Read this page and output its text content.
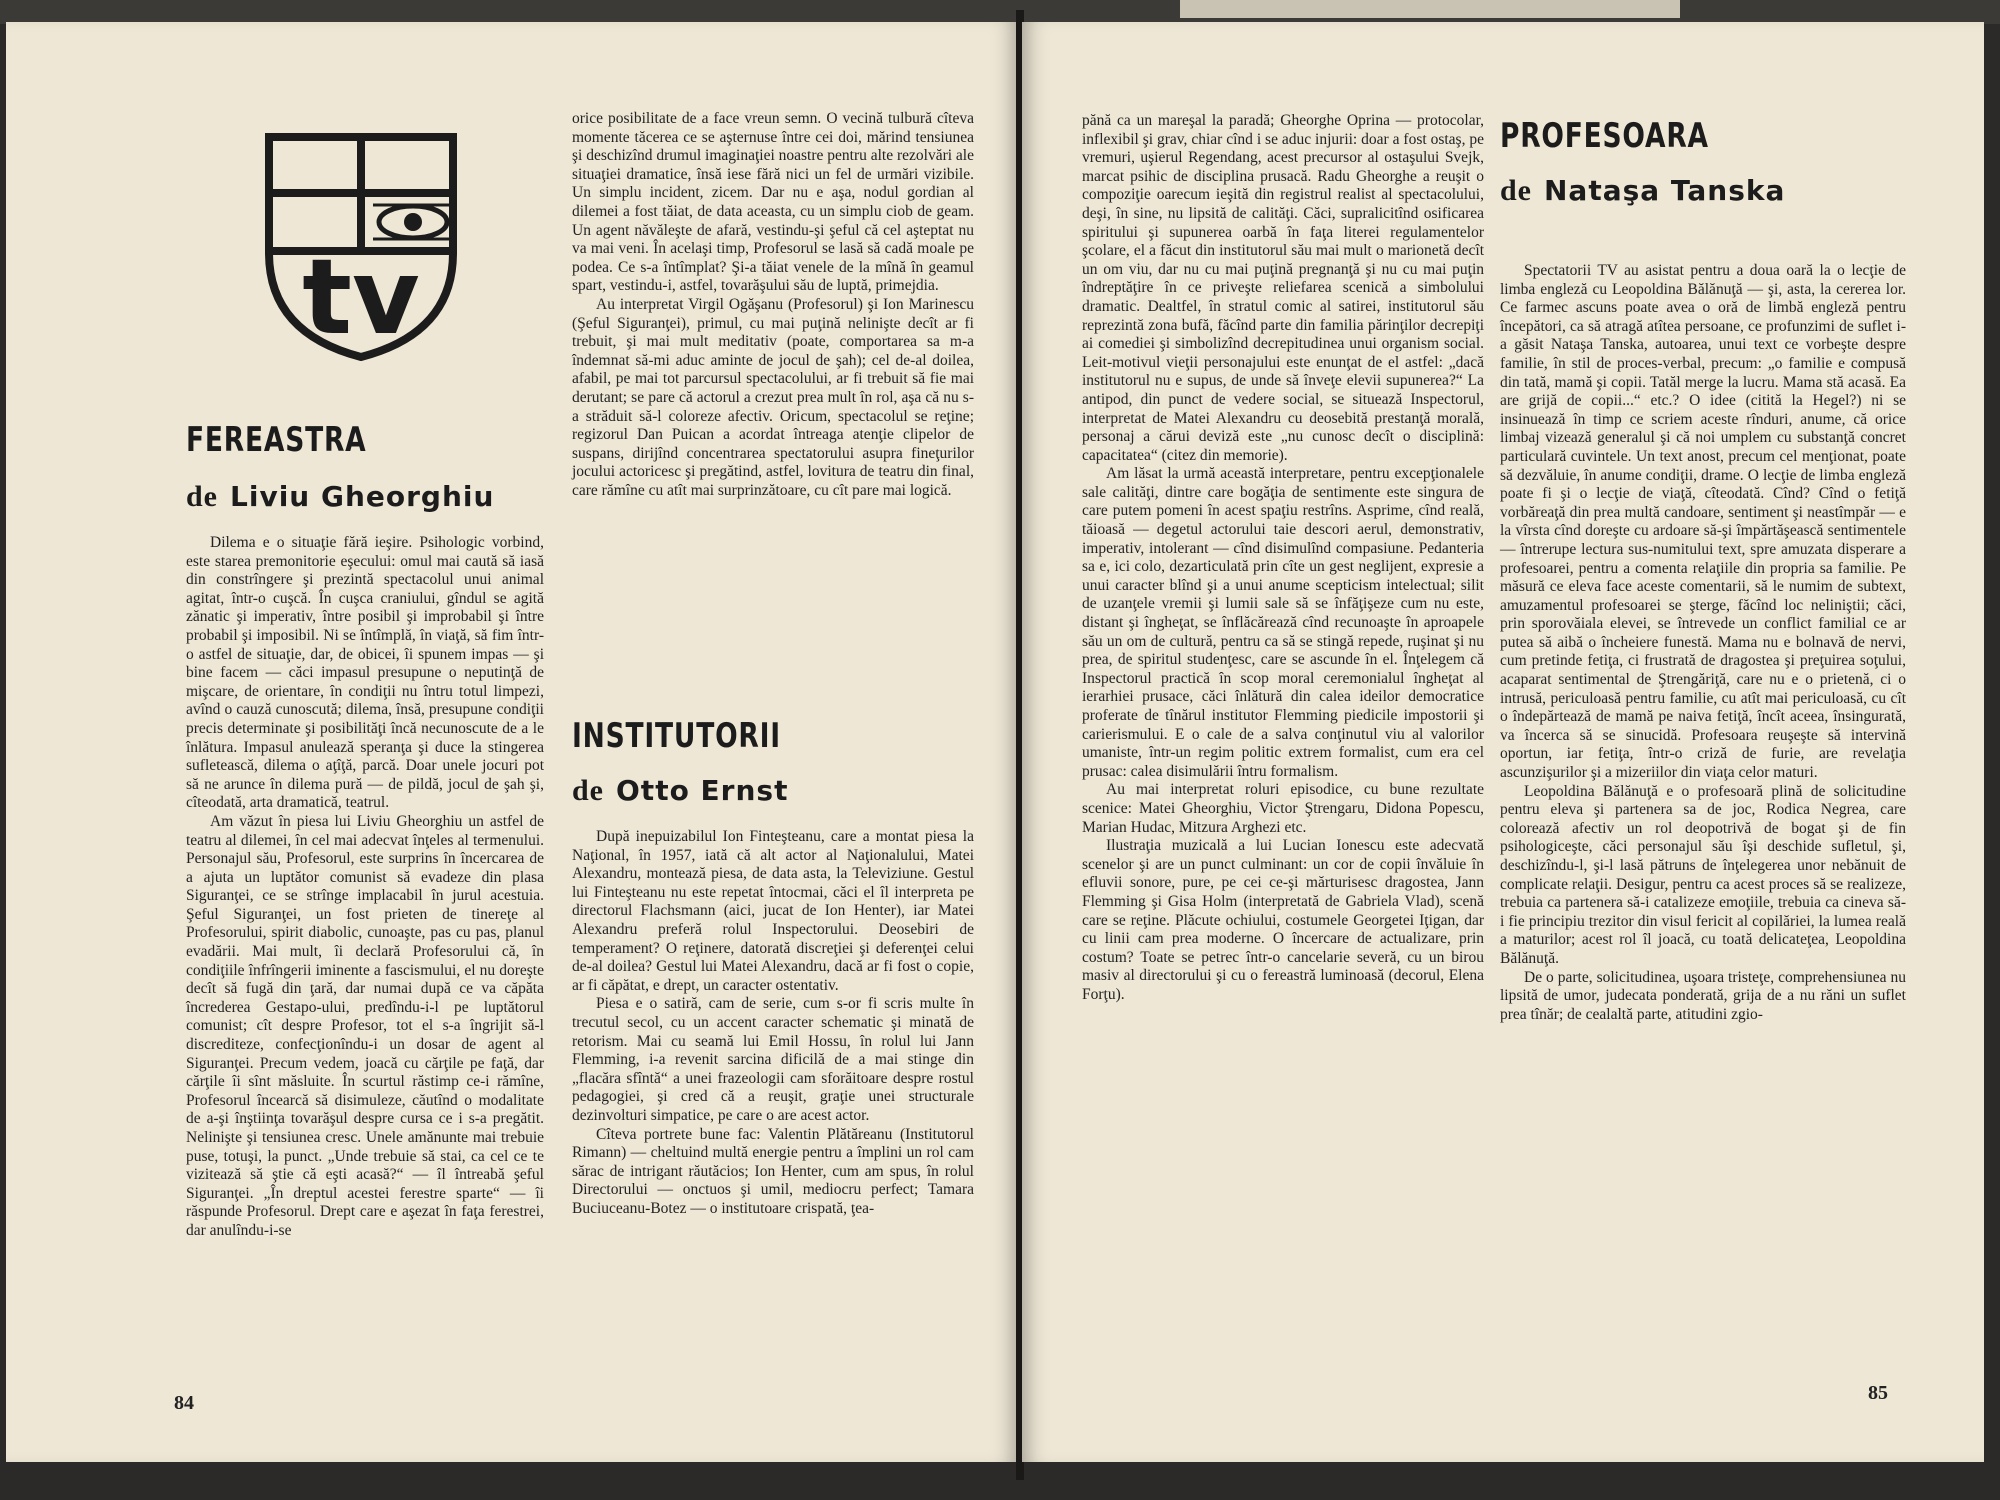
tv
FEREASTRA
de Liviu Gheorghiu

Dilema e o situaţie fără ieşire. Psihologic vorbind, este starea premonitorie eşecului: omul mai caută să iasă din constrîngere şi prezintă spectacolul unui animal agitat, într-o cuşcă. În cuşca craniului, gîndul se agită zănatic şi imperativ, între posibil şi improbabil şi între probabil şi imposibil. Ni se întîmplă, în viaţă, să fim într-o astfel de situaţie, dar, de obicei, îi spunem impas — şi bine facem — căci impasul presupune o neputinţă de mişcare, de orientare, în condiţii nu întru totul limpezi, avînd o cauză cunoscută; dilema, însă, presupune condiţii precis determinate şi posibilităţi încă necunoscute de a le înlătura. Impasul anulează speranţa şi duce la stingerea sufletească, dilema o aţîţă, parcă. Doar unele jocuri pot să ne arunce în dilema pură — de pildă, jocul de şah şi, cîteodată, arta dramatică, teatrul.

Am văzut în piesa lui Liviu Gheorghiu un astfel de teatru al dilemei, în cel mai adecvat înţeles al termenului. Personajul său, Profesorul, este surprins în încercarea de a ajuta un luptător comunist să evadeze din plasa Siguranţei, ce se strînge implacabil în jurul acestuia. Şeful Siguranţei, un fost prieten de tinereţe al Profesorului, spirit diabolic, cunoaşte, pas cu pas, planul evadării. Mai mult, îi declară Profesorului că, în condiţiile înfrîngerii iminente a fascismului, el nu doreşte decît să fugă din ţară, dar numai după ce va căpăta încrederea Gestapo-ului, predîndu-i-l pe luptătorul comunist; cît despre Profesor, tot el s-a îngrijit să-l discrediteze, confecţionîndu-i un dosar de agent al Siguranţei. Precum vedem, joacă cu cărţile pe faţă, dar cărţile îi sînt măsluite. În scurtul răstimp ce-i rămîne, Profesorul încearcă să disimuleze, căutînd o modalitate de a-şi înştiinţa tovarăşul despre cursa ce i s-a pregătit. Nelinişte şi tensiunea cresc. Unele amănunte mai trebuie puse, totuşi, la punct. „Unde trebuie să stai, ca cel ce te vizitează să ştie că eşti acasă?“ — îl întreabă şeful Siguranţei. „În dreptul acestei ferestre sparte“ — îi răspunde Profesorul. Drept care e aşezat în faţa ferestrei, dar anulîndu-i-se

orice posibilitate de a face vreun semn. O vecină tulbură cîteva momente tăcerea ce se aşternuse între cei doi, mărind tensiunea şi deschizînd drumul imaginaţiei noastre pentru alte rezolvări ale situaţiei dramatice, însă iese fără nici un fel de urmări vizibile. Un simplu incident, zicem. Dar nu e aşa, nodul gordian al dilemei a fost tăiat, de data aceasta, cu un simplu ciob de geam. Un agent năvăleşte de afară, vestindu-şi şeful că cel aşteptat nu va mai veni. În acelaşi timp, Profesorul se lasă să cadă moale pe podea. Ce s-a întîmplat? Şi-a tăiat venele de la mînă în geamul spart, vestindu-i, astfel, tovarăşului său de luptă, primejdia.

Au interpretat Virgil Ogăşanu (Profesorul) şi Ion Marinescu (Şeful Siguranţei), primul, cu mai puţină nelinişte decît ar fi trebuit, şi mai mult meditativ (poate, comportarea sa m-a îndemnat să-mi aduc aminte de jocul de şah); cel de-al doilea, afabil, pe mai tot parcursul spectacolului, ar fi trebuit să fie mai derutant; se pare că actorul a crezut prea mult în rol, aşa că nu s-a străduit să-l coloreze afectiv. Oricum, spectacolul se reţine; regizorul Dan Puican a acordat întreaga atenţie clipelor de suspans, dirijînd concentrarea spectatorului asupra fineţurilor jocului actoricesc şi pregătind, astfel, lovitura de teatru din final, care rămîne cu atît mai surprinzătoare, cu cît pare mai logică.

INSTITUTORII
de Otto Ernst

După inepuizabilul Ion Finteşteanu, care a montat piesa la Naţional, în 1957, iată că alt actor al Naţionalului, Matei Alexandru, montează piesa, de data asta, la Televiziune. Gestul lui Finteşteanu nu este repetat întocmai, căci el îl interpreta pe directorul Flachsmann (aici, jucat de Ion Henter), iar Matei Alexandru preferă rolul Inspectorului. Deosebiri de temperament? O reţinere, datorată discreţiei şi deferenţei celui de-al doilea? Gestul lui Matei Alexandru, dacă ar fi fost o copie, ar fi căpătat, e drept, un caracter ostentativ.

Piesa e o satiră, cam de serie, cum s-or fi scris multe în trecutul secol, cu un accent caracter schematic şi minată de retorism. Mai cu seamă lui Emil Hossu, în rolul lui Jann Flemming, i-a revenit sarcina dificilă de a mai stinge din „flacăra sfîntă“ a unei frazeologii cam sforăitoare despre rostul pedagogiei, şi cred că a reuşit, graţie unei structurale dezinvolturi simpatice, pe care o are acest actor.

Cîteva portrete bune fac: Valentin Plătăreanu (Institutorul Rimann) — cheltuind multă energie pentru a împlini un rol cam sărac de intrigant răutăcios; Ion Henter, cum am spus, în rolul Directorului — onctuos şi umil, mediocru perfect; Tamara Buciuceanu-Botez — o institutoare crispată, ţea-

84

pănă ca un mareşal la paradă; Gheorghe Oprina — protocolar, inflexibil şi grav, chiar cînd i se aduc injurii: doar a fost ostaş, pe vremuri, uşierul Regendang, acest precursor al ostaşului Svejk, marcat psihic de disciplina prusacă. Radu Gheorghe a reuşit o compoziţie oarecum ieşită din registrul realist al spectacolului, deşi, în sine, nu lipsită de calităţi. Căci, supralicitînd osificarea spiritului şi supunerea oarbă în faţa literei regulamentelor şcolare, el a făcut din institutorul său mai mult o marionetă decît un om viu, dar nu cu mai puţină pregnanţă şi nu cu mai puţin îndreptăţire în ce priveşte reliefarea scenică a simbolului dramatic. Dealtfel, în stratul comic al satirei, institutorul său reprezintă zona bufă, făcînd parte din familia părinţilor decrepiţi ai comediei şi simbolizînd decrepitudinea unui organism social. Leit-motivul vieţii personajului este enunţat de el astfel: „dacă institutorul nu e supus, de unde să înveţe elevii supunerea?“ La antipod, din punct de vedere social, se situează Inspectorul, interpretat de Matei Alexandru cu deosebită prestanţă morală, personaj a cărui deviză este „nu cunosc decît o disciplină: capacitatea“ (citez din memorie).

Am lăsat la urmă această interpretare, pentru excepţionalele sale calităţi, dintre care bogăţia de sentimente este singura de care putem pomeni în acest spaţiu restrîns. Asprime, cînd reală, tăioasă — degetul actorului taie descori aerul, demonstrativ, imperativ, intolerant — cînd disimulînd compasiune. Pedanteria sa e, ici colo, dezarticulată prin cîte un gest neglijent, expresie a unui caracter blînd şi a unui anume scepticism intelectual; silit de uzanţele vremii şi lumii sale să se înfăţişeze cum nu este, distant şi îngheţat, se înflăcărează cînd recunoaşte în aproapele său un om de cultură, pentru ca să se stingă repede, ruşinat şi nu prea, de spiritul studenţesc, care se ascunde în el. Înţelegem că Inspectorul practică în scop moral ceremonialul îngheţat al ierarhiei prusace, căci înlătură din calea ideilor democratice proferate de tînărul institutor Flemming piedicile impostorii şi carierismului. E o cale de a salva conţinutul viu al valorilor umaniste, într-un regim politic extrem formalist, cum era cel prusac: calea disimulării întru formalism.

Au mai interpretat roluri episodice, cu bune rezultate scenice: Matei Gheorghiu, Victor Ştrengaru, Didona Popescu, Marian Hudac, Mitzura Arghezi etc.

Ilustraţia muzicală a lui Lucian Ionescu este adecvată scenelor şi are un punct culminant: un cor de copii învăluie în efluvii sonore, pure, pe cei ce-şi mărturisesc dragostea, Jann Flemming şi Gisa Holm (interpretată de Gabriela Vlad), scenă care se reţine. Plăcute ochiului, costumele Georgetei Iţigan, dar cu linii cam prea moderne. O încercare de actualizare, prin costum? Toate se petrec într-o cancelarie severă, cu un birou masiv al directorului şi cu o fereastră luminoasă (decorul, Elena Forţu).

PROFESOARA
de Nataşa Tanska

Spectatorii TV au asistat pentru a doua oară la o lecţie de limba engleză cu Leopoldina Bălănuţă — şi, asta, la cererea lor. Ce farmec ascuns poate avea o oră de limbă engleză pentru începători, ca să atragă atîtea persoane, ce profunzimi de suflet i-a găsit Nataşa Tanska, autoarea, unui text ce vorbeşte despre familie, în stil de proces-verbal, precum: „o familie e compusă din tată, mamă şi copii. Tatăl merge la lucru. Mama stă acasă. Ea are grijă de copii...“ etc.? O idee (citită la Hegel?) ni se insinuează în timp ce scriem aceste rînduri, anume, că orice limbaj vizează generalul şi că noi umplem cu substanţă concret particulară cuvintele. Un text anost, precum cel menţionat, poate să dezvăluie, în anume condiţii, drame. O lecţie de limba engleză poate fi şi o lecţie de viaţă, cîteodată. Cînd? Cînd o fetiţă vorbăreaţă din prea multă candoare, sentiment şi neastîmpăr — e la vîrsta cînd doreşte cu ardoare să-şi împărtăşească sentimentele — întrerupe lectura sus-numitului text, spre amuzata disperare a profesoarei, pentru a comenta relaţiile din propria sa familie. Pe măsură ce eleva face aceste comentarii, să le numim de subtext, amuzamentul profesoarei se şterge, făcînd loc neliniştii; căci, prin sporovăiala elevei, se întrevede un conflict familial ce ar putea să aibă o încheiere funestă. Mama nu e bolnavă de nervi, cum pretinde fetiţa, ci frustrată de dragostea şi preţuirea soţului, acaparat sentimental de Ştrengăriţă, care nu e o prietenă, ci o intrusă, periculoasă pentru familie, cu atît mai periculoasă, cu cît o îndepărtează de mamă pe naiva fetiţă, încît aceea, însingurată, va încerca să se sinucidă. Profesoara reuşeşte să intervină oportun, iar fetiţa, într-o criză de furie, are revelaţia ascunzişurilor şi a mizeriilor din viaţa celor maturi.

Leopoldina Bălănuţă e o profesoară plină de solicitudine pentru eleva şi partenera sa de joc, Rodica Negrea, care colorează afectiv un rol deopotrivă de bogat şi de fin psihologiceşte, căci personajul său îşi deschide sufletul, şi, deschizîndu-l, şi-l lasă pătruns de înţelegerea unor nebănuit de complicate relaţii. Desigur, pentru ca acest proces să se realizeze, trebuia ca partenera să-i catalizeze emoţiile, trebuia ca cineva să-i fie principiu trezitor din visul fericit al copilăriei, la lumea reală a maturilor; acest rol îl joacă, cu toată delicateţea, Leopoldina Bălănuţă.

De o parte, solicitudinea, uşoara tristeţe, comprehensiunea nu lipsită de umor, judecata ponderată, grija de a nu răni un suflet prea tînăr; de cealaltă parte, atitudini zgio-

85
